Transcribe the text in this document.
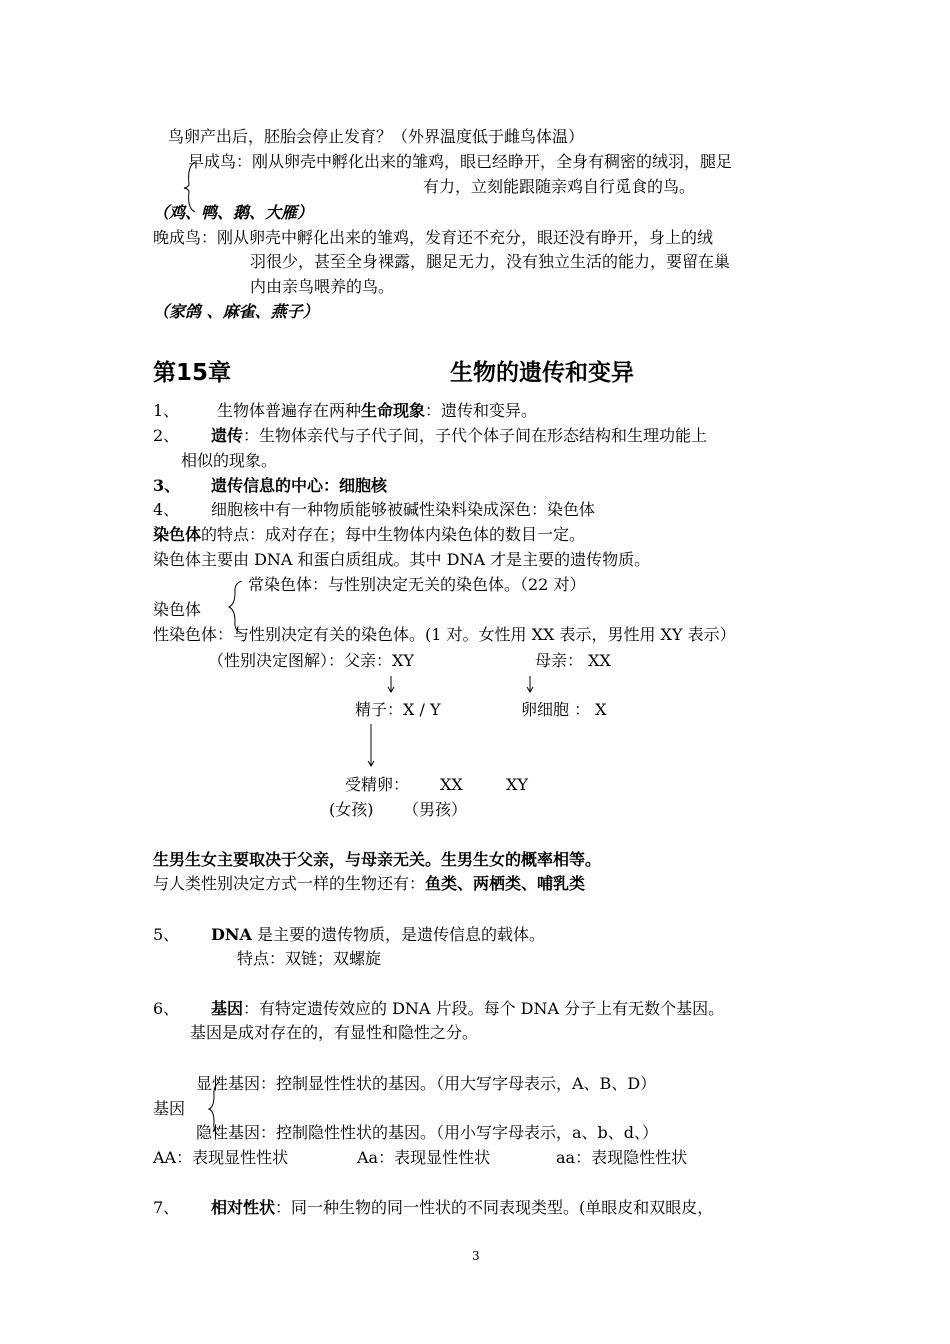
鸟卵产出后，胚胎会停止发育？（外界温度低于雌鸟体温）
早成鸟：刚从卵壳中孵化出来的雏鸡，眼已经睁开，全身有稠密的绒羽，腿足
有力，立刻能跟随亲鸡自行觅食的鸟。
（鸡、鸭、鹅、大雁）
晚成鸟：刚从卵壳中孵化出来的雏鸡，发育还不充分，眼还没有睁开，身上的绒
羽很少，甚至全身裸露，腿足无力，没有独立生活的能力，要留在巢
内由亲鸟喂养的鸟。
（家鸽 、麻雀、燕子）
第15章	生物的遗传和变异
1、 生物体普遍存在两种生命现象：遗传和变异。
2、 遗传：生物体亲代与子代子间，子代个体子间在形态结构和生理功能上
相似的现象。
3、 遗传信息的中心：细胞核
4、 细胞核中有一种物质能够被碱性染料染成深色：染色体
染色体的特点：成对存在；每中生物体内染色体的数目一定。
染色体主要由 DNA 和蛋白质组成。其中 DNA 才是主要的遗传物质。
常染色体：与性别决定无关的染色体。（22 对）
染色体
性染色体：与性别决定有关的染色体。(1 对。女性用 XX 表示，男性用 XY 表示）
（性别决定图解）：父亲：XY	母亲： XX
精子：X / Y	卵细胞 ： X
受精卵： XX	XY
(女孩) （男孩）
生男生女主要取决于父亲，与母亲无关。生男生女的概率相等。
与人类性别决定方式一样的生物还有：鱼类、两栖类、哺乳类
5、 DNA 是主要的遗传物质，是遗传信息的载体。
特点：双链；双螺旋
6、 基因：有特定遗传效应的 DNA 片段。每个 DNA 分子上有无数个基因。
基因是成对存在的，有显性和隐性之分。
显性基因：控制显性性状的基因。（用大写字母表示，A、B、D）
基因
隐性基因：控制隐性性状的基因。（用小写字母表示，a、b、d、）
AA：表现显性性状	Aa：表现显性性状	aa：表现隐性性状
7、 相对性状：同一种生物的同一性状的不同表现类型。(单眼皮和双眼皮，
3
